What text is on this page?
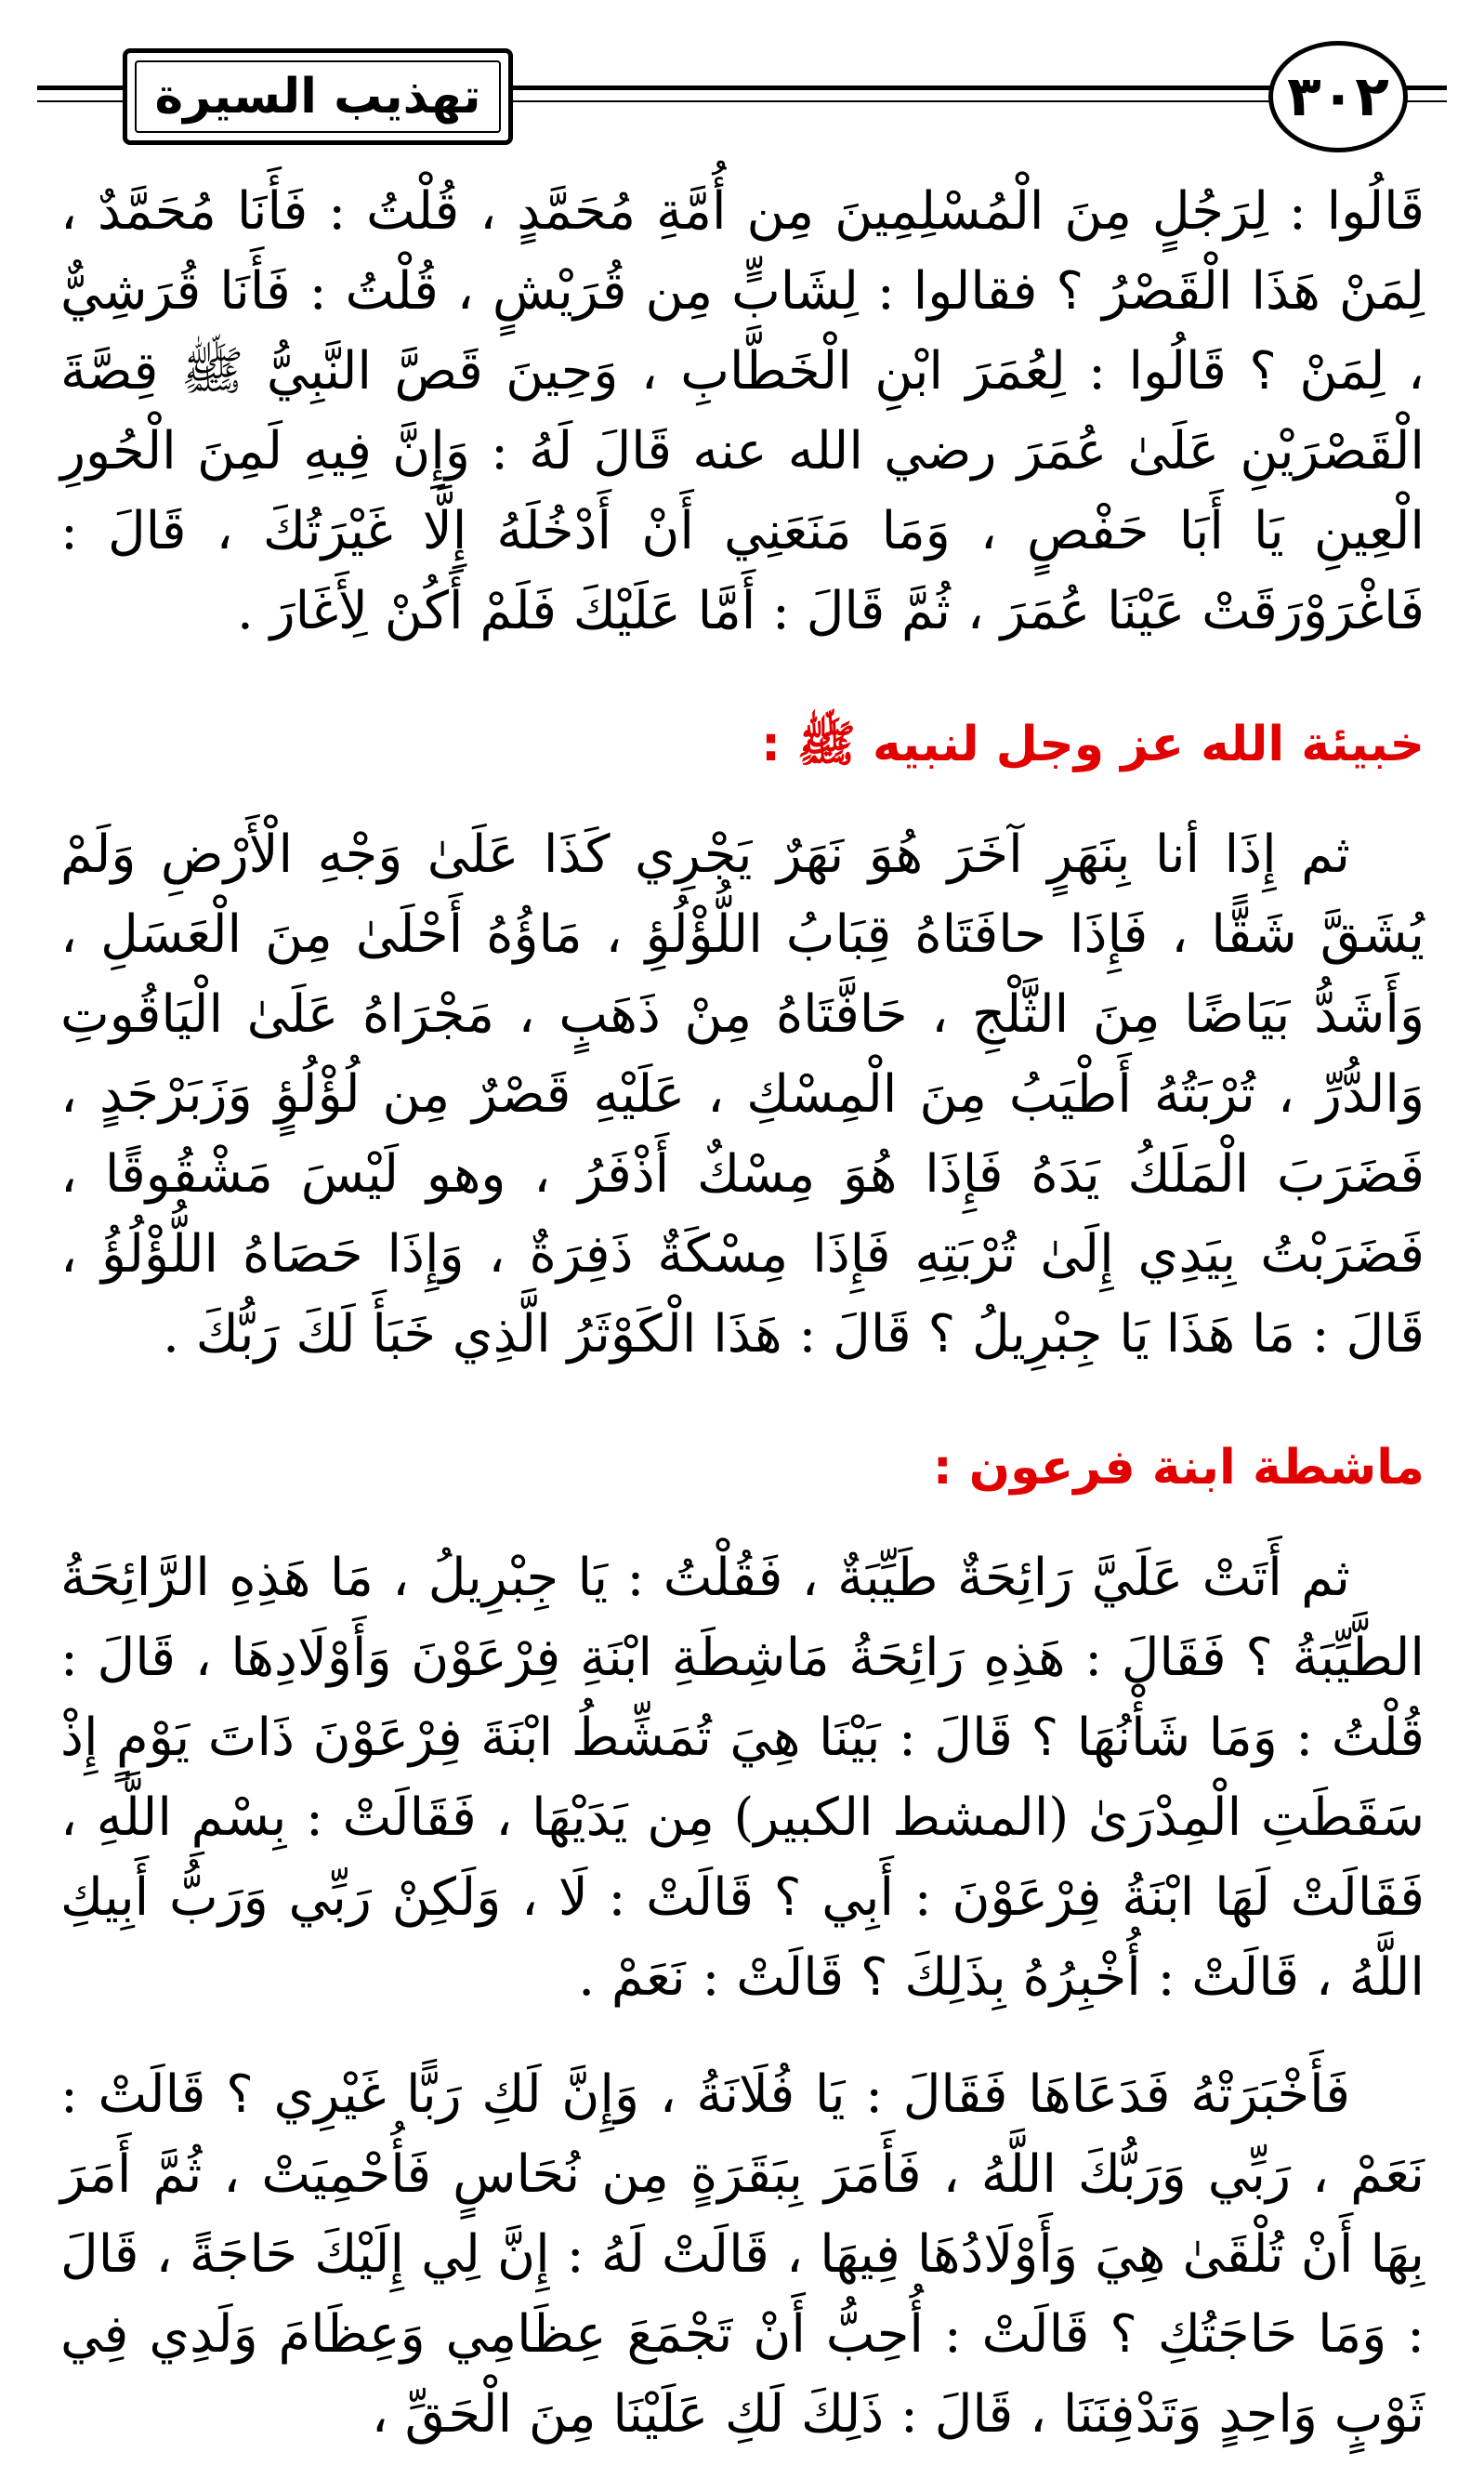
تهذيب السيرة	٣٠٢

قَالُوا : لِرَجُلٍ مِنَ الْمُسْلِمِينَ مِن أُمَّةِ مُحَمَّدٍ ، قُلْتُ : فَأَنَا مُحَمَّدٌ ، لِمَنْ هَذَا الْقَصْرُ ؟ فقالوا : لِشَابٍّ مِن قُرَيْشٍ ، قُلْتُ : فَأَنَا قُرَشِيٌّ ، لِمَنْ ؟ قَالُوا : لِعُمَرَ ابْنِ الْخَطَّابِ ، وَحِينَ قَصَّ النَّبِيُّ ﷺ قِصَّةَ الْقَصْرَيْنِ عَلَىٰ عُمَرَ رضي الله عنه قَالَ لَهُ : وَإِنَّ فِيهِ لَمِنَ الْحُورِ الْعِينِ يَا أَبَا حَفْصٍ ، وَمَا مَنَعَنِي أَنْ أَدْخُلَهُ إِلَّا غَيْرَتُكَ ، قَالَ : فَاغْرَوْرَقَتْ عَيْنَا عُمَرَ ، ثُمَّ قَالَ : أَمَّا عَلَيْكَ فَلَمْ أَكُنْ لِأَغَارَ .

خبيئة الله عز وجل لنبيه ﷺ :

ثم إِذَا أنا بِنَهَرٍ آخَرَ هُوَ نَهَرٌ يَجْرِي كَذَا عَلَىٰ وَجْهِ الْأَرْضِ وَلَمْ يُشَقَّ شَقًّا ، فَإِذَا حافَتَاهُ قِبَابُ اللُّؤْلُؤِ ، مَاؤُهُ أَحْلَىٰ مِنَ الْعَسَلِ ، وَأَشَدُّ بَيَاضًا مِنَ الثَّلْجِ ، حَافَّتَاهُ مِنْ ذَهَبٍ ، مَجْرَاهُ عَلَىٰ الْيَاقُوتِ وَالدُّرِّ ، تُرْبَتُهُ أَطْيَبُ مِنَ الْمِسْكِ ، عَلَيْهِ قَصْرٌ مِن لُؤْلُؤٍ وَزَبَرْجَدٍ ، فَضَرَبَ الْمَلَكُ يَدَهُ فَإِذَا هُوَ مِسْكٌ أَذْفَرُ ، وهو لَيْسَ مَشْقُوقًا ، فَضَرَبْتُ بِيَدِي إِلَىٰ تُرْبَتِهِ فَإِذَا مِسْكَةٌ ذَفِرَةٌ ، وَإِذَا حَصَاهُ اللُّؤْلُؤُ ، قَالَ : مَا هَذَا يَا جِبْرِيلُ ؟ قَالَ : هَذَا الْكَوْثَرُ الَّذِي خَبَأَ لَكَ رَبُّكَ .

ماشطة ابنة فرعون :

ثم أَتَتْ عَلَيَّ رَائِحَةٌ طَيِّبَةٌ ، فَقُلْتُ : يَا جِبْرِيلُ ، مَا هَذِهِ الرَّائِحَةُ الطَّيِّبَةُ ؟ فَقَالَ : هَذِهِ رَائِحَةُ مَاشِطَةِ ابْنَةِ فِرْعَوْنَ وَأَوْلَادِهَا ، قَالَ : قُلْتُ : وَمَا شَأْنُهَا ؟ قَالَ : بَيْنَا هِيَ تُمَشِّطُ ابْنَةَ فِرْعَوْنَ ذَاتَ يَوْمٍ إِذْ سَقَطَتِ الْمِدْرَىٰ (المشط الكبير) مِن يَدَيْهَا ، فَقَالَتْ : بِسْمِ اللَّهِ ، فَقَالَتْ لَهَا ابْنَةُ فِرْعَوْنَ : أَبِي ؟ قَالَتْ : لَا ، وَلَكِنْ رَبِّي وَرَبُّ أَبِيكِ اللَّهُ ، قَالَتْ : أُخْبِرُهُ بِذَلِكَ ؟ قَالَتْ : نَعَمْ .

فَأَخْبَرَتْهُ فَدَعَاهَا فَقَالَ : يَا فُلَانَةُ ، وَإِنَّ لَكِ رَبًّا غَيْرِي ؟ قَالَتْ : نَعَمْ ، رَبِّي وَرَبُّكَ اللَّهُ ، فَأَمَرَ بِبَقَرَةٍ مِن نُحَاسٍ فَأُحْمِيَتْ ، ثُمَّ أَمَرَ بِهَا أَنْ تُلْقَىٰ هِيَ وَأَوْلَادُهَا فِيهَا ، قَالَتْ لَهُ : إِنَّ لِي إِلَيْكَ حَاجَةً ، قَالَ : وَمَا حَاجَتُكِ ؟ قَالَتْ : أُحِبُّ أَنْ تَجْمَعَ عِظَامِي وَعِظَامَ وَلَدِي فِي ثَوْبٍ وَاحِدٍ وَتَدْفِنَنَا ، قَالَ : ذَلِكَ لَكِ عَلَيْنَا مِنَ الْحَقِّ ،
